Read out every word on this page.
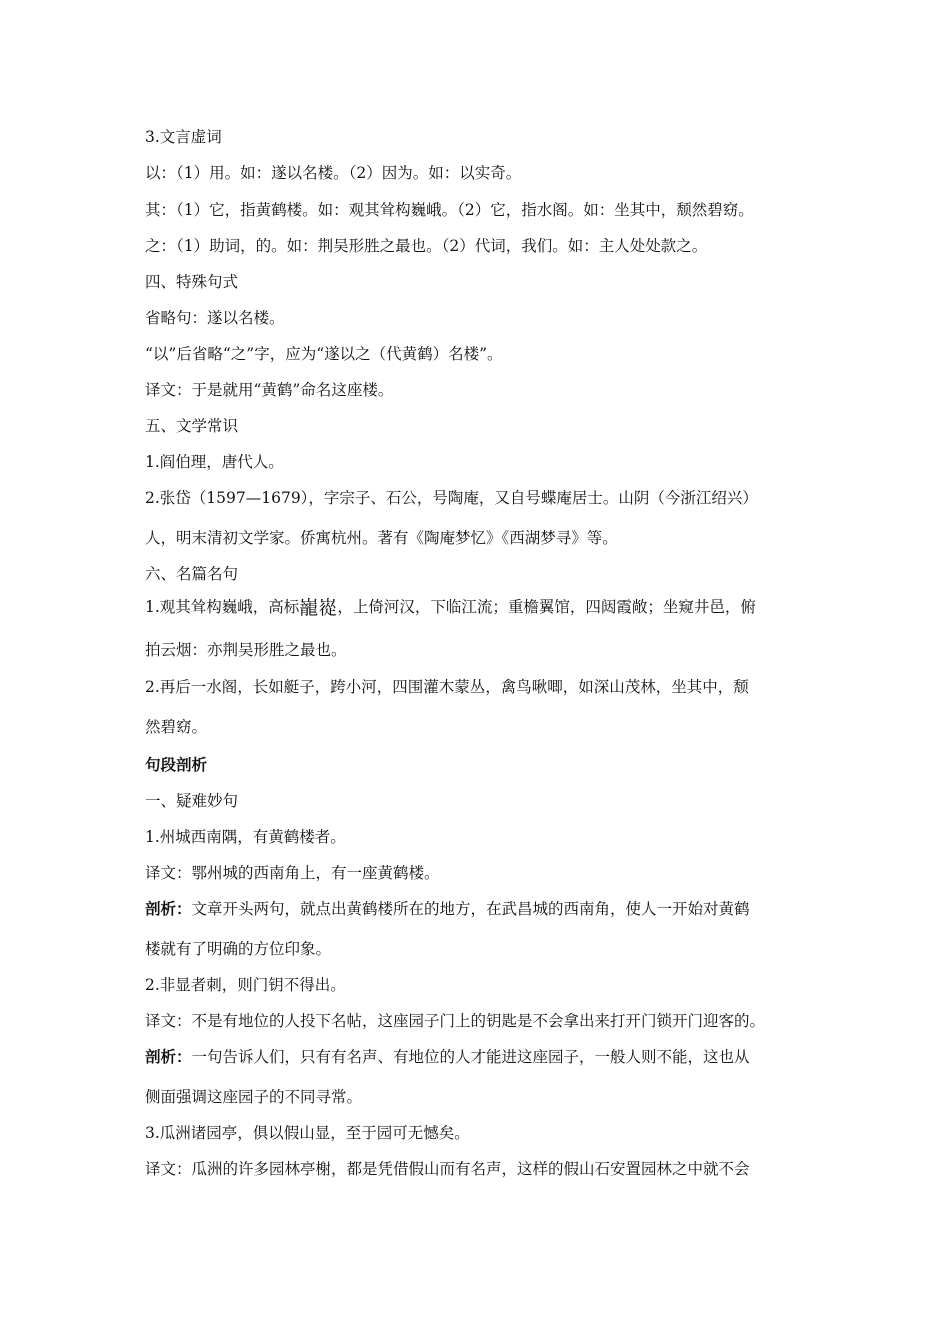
3.文言虚词
以：（1）用。如：遂以名楼。（2）因为。如：以实奇。
其：（1）它，指黄鹤楼。如：观其耸构巍峨。（2）它，指水阁。如：坐其中，颓然碧窈。
之：（1）助词，的。如：荆吴形胜之最也。（2）代词，我们。如：主人处处款之。
四、特殊句式
省略句：遂以名楼。
“以”后省略“之”字，应为“遂以之（代黄鹤）名楼”。
译文：于是就用“黄鹤”命名这座楼。
五、文学常识
1.阎伯理，唐代人。
2.张岱（1597—1679），字宗子、石公，号陶庵，又自号蝶庵居士。山阴（今浙江绍兴）
人，明末清初文学家。侨寓杭州。著有《陶庵梦忆》《西湖梦寻》等。
六、名篇名句
1.观其耸构巍峨，高标巃嵸，上倚河汉，下临江流；重檐翼馆，四闼霞敞；坐窥井邑，俯
拍云烟：亦荆吴形胜之最也。
2.再后一水阁，长如艇子，跨小河，四围灌木蒙丛，禽鸟啾唧，如深山茂林，坐其中，颓
然碧窈。
句段剖析
一、疑难妙句
1.州城西南隅，有黄鹤楼者。
译文：鄂州城的西南角上，有一座黄鹤楼。
剖析：文章开头两句，就点出黄鹤楼所在的地方，在武昌城的西南角，使人一开始对黄鹤
楼就有了明确的方位印象。
2.非显者刺，则门钥不得出。
译文：不是有地位的人投下名帖，这座园子门上的钥匙是不会拿出来打开门锁开门迎客的。
剖析：一句告诉人们，只有有名声、有地位的人才能进这座园子，一般人则不能，这也从
侧面强调这座园子的不同寻常。
3.瓜洲诸园亭，俱以假山显，至于园可无憾矣。
译文：瓜洲的许多园林亭榭，都是凭借假山而有名声，这样的假山石安置园林之中就不会
